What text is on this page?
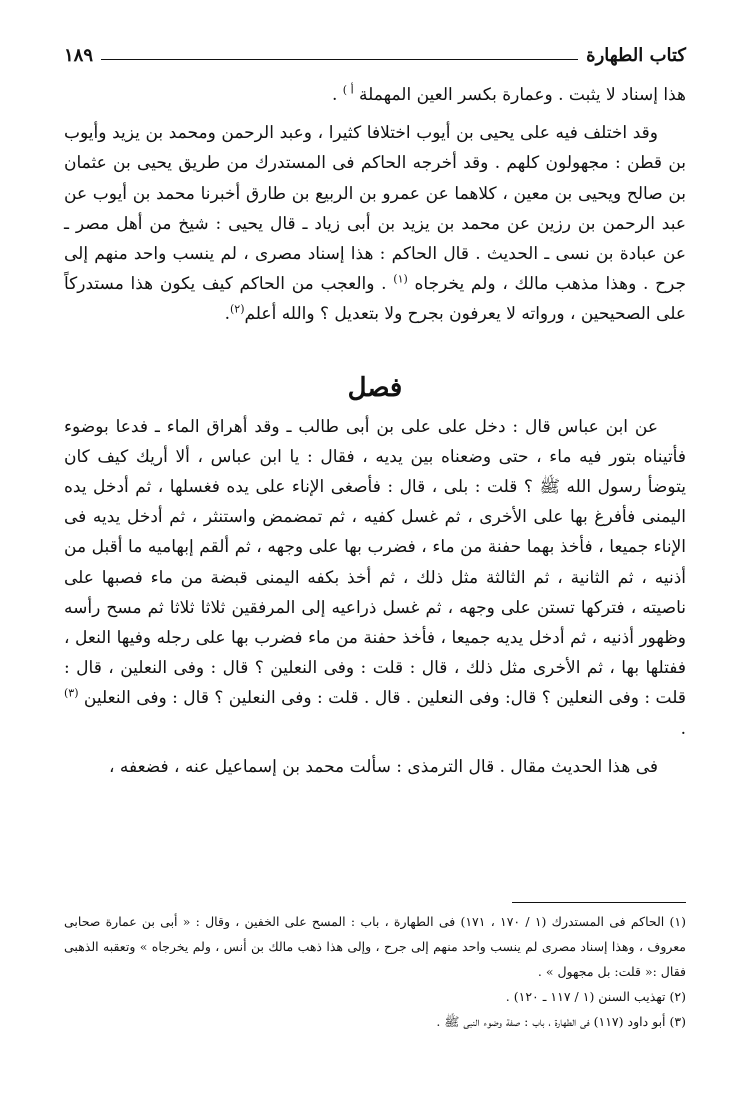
كتاب الطهارة
١٨٩

هذا إسناد لا يثبت . وعمارة بكسر العين المهملة $^{أ )}$ .

وقد اختلف فيه على يحيى بن أيوب اختلافا كثيرا ، وعبد الرحمن ومحمد بن يزيد وأيوب بن قطن : مجهولون كلهم . وقد أخرجه الحاكم فى المستدرك من طريق يحيى بن عثمان بن صالح ويحيى بن معين ، كلاهما عن عمرو بن الربيع بن طارق أخبرنا محمد بن أيوب عن عبد الرحمن بن رزين عن محمد بن يزيد بن أبى زياد ـ قال يحيى : شيخ من أهل مصر ـ عن عبادة بن نسى ـ الحديث . قال الحاكم : هذا إسناد مصرى ، لم ينسب واحد منهم إلى جرح . وهذا مذهب مالك ، ولم يخرجاه $^{(١)}$ . والعجب من الحاكم كيف يكون هذا مستدركاً على الصحيحين ، ورواته لا يعرفون بجرح ولا بتعديل ؟ والله أعلم$^{(٢)}$.

فصل

عن ابن عباس قال : دخل على على بن أبى طالب ـ وقد أهراق الماء ـ فدعا بوضوء فأتيناه بتور فيه ماء ، حتى وضعناه بين يديه ، فقال : يا ابن عباس ، ألا أريك كيف كان يتوضأ رسول الله ﷺ ؟ قلت : بلى ، قال : فأصغى الإناء على يده فغسلها ، ثم أدخل يده اليمنى فأفرغ بها على الأخرى ، ثم غسل كفيه ، ثم تمضمض واستنثر ، ثم أدخل يديه فى الإناء جميعا ، فأخذ بهما حفنة من ماء ، فضرب بها على وجهه ، ثم ألقم إبهاميه ما أقبل من أذنيه ، ثم الثانية ، ثم الثالثة مثل ذلك ، ثم أخذ بكفه اليمنى قبضة من ماء فصبها على ناصيته ، فتركها تستن على وجهه ، ثم غسل ذراعيه إلى المرفقين ثلاثا ثلاثا ثم مسح رأسه وظهور أذنيه ، ثم أدخل يديه جميعا ، فأخذ حفنة من ماء فضرب بها على رجله وفيها النعل ، ففتلها بها ، ثم الأخرى مثل ذلك ، قال : قلت : وفى النعلين ؟ قال : وفى النعلين ، قال : قلت : وفى النعلين ؟ قال: وفى النعلين . قال . قلت : وفى النعلين ؟ قال : وفى النعلين $^{(٣)}$ .

فى هذا الحديث مقال . قال الترمذى : سألت محمد بن إسماعيل عنه ، فضعفه ،

(١) الحاكم فى المستدرك (١ / ١٧٠ ، ١٧١) فى الطهارة ، باب : المسح على الخفين ، وقال : « أبى بن عمارة صحابى معروف ، وهذا إسناد مصرى لم ينسب واحد منهم إلى جرح ، وإلى هذا ذهب مالك بن أنس ، ولم يخرجاه » وتعقبه الذهبى فقال :« قلت: بل مجهول » .

(٢) تهذيب السنن (١ / ١١٧ ـ ١٢٠) .

(٣) أبو داود (١١٧) فى الطهارة ، باب : صفة وضوء النبى ﷺ .
